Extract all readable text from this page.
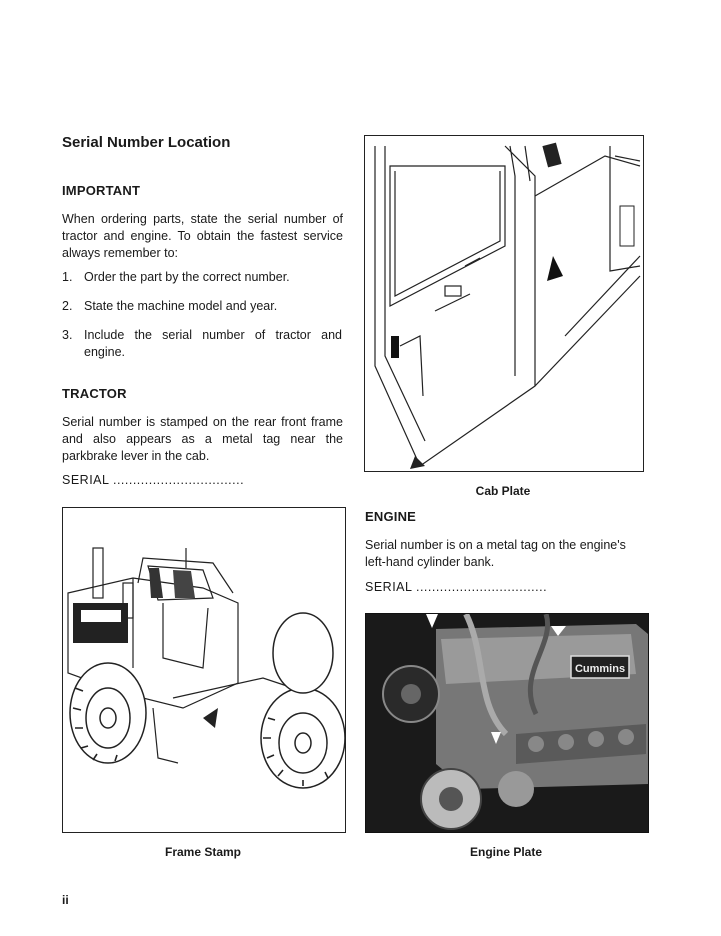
Serial Number Location
IMPORTANT
When ordering parts, state the serial number of tractor and engine. To obtain the fastest service always remember to:
1. Order the part by the correct number.
2. State the machine model and year.
3. Include the serial number of tractor and engine.
TRACTOR
Serial number is stamped on the rear front frame and also appears as a metal tag near the parkbrake lever in the cab.
SERIAL .................................
Cab Plate
ENGINE
Serial number is on a metal tag on the engine's left-hand cylinder bank.
SERIAL .................................
Frame Stamp
Cummins
Engine Plate
ii
